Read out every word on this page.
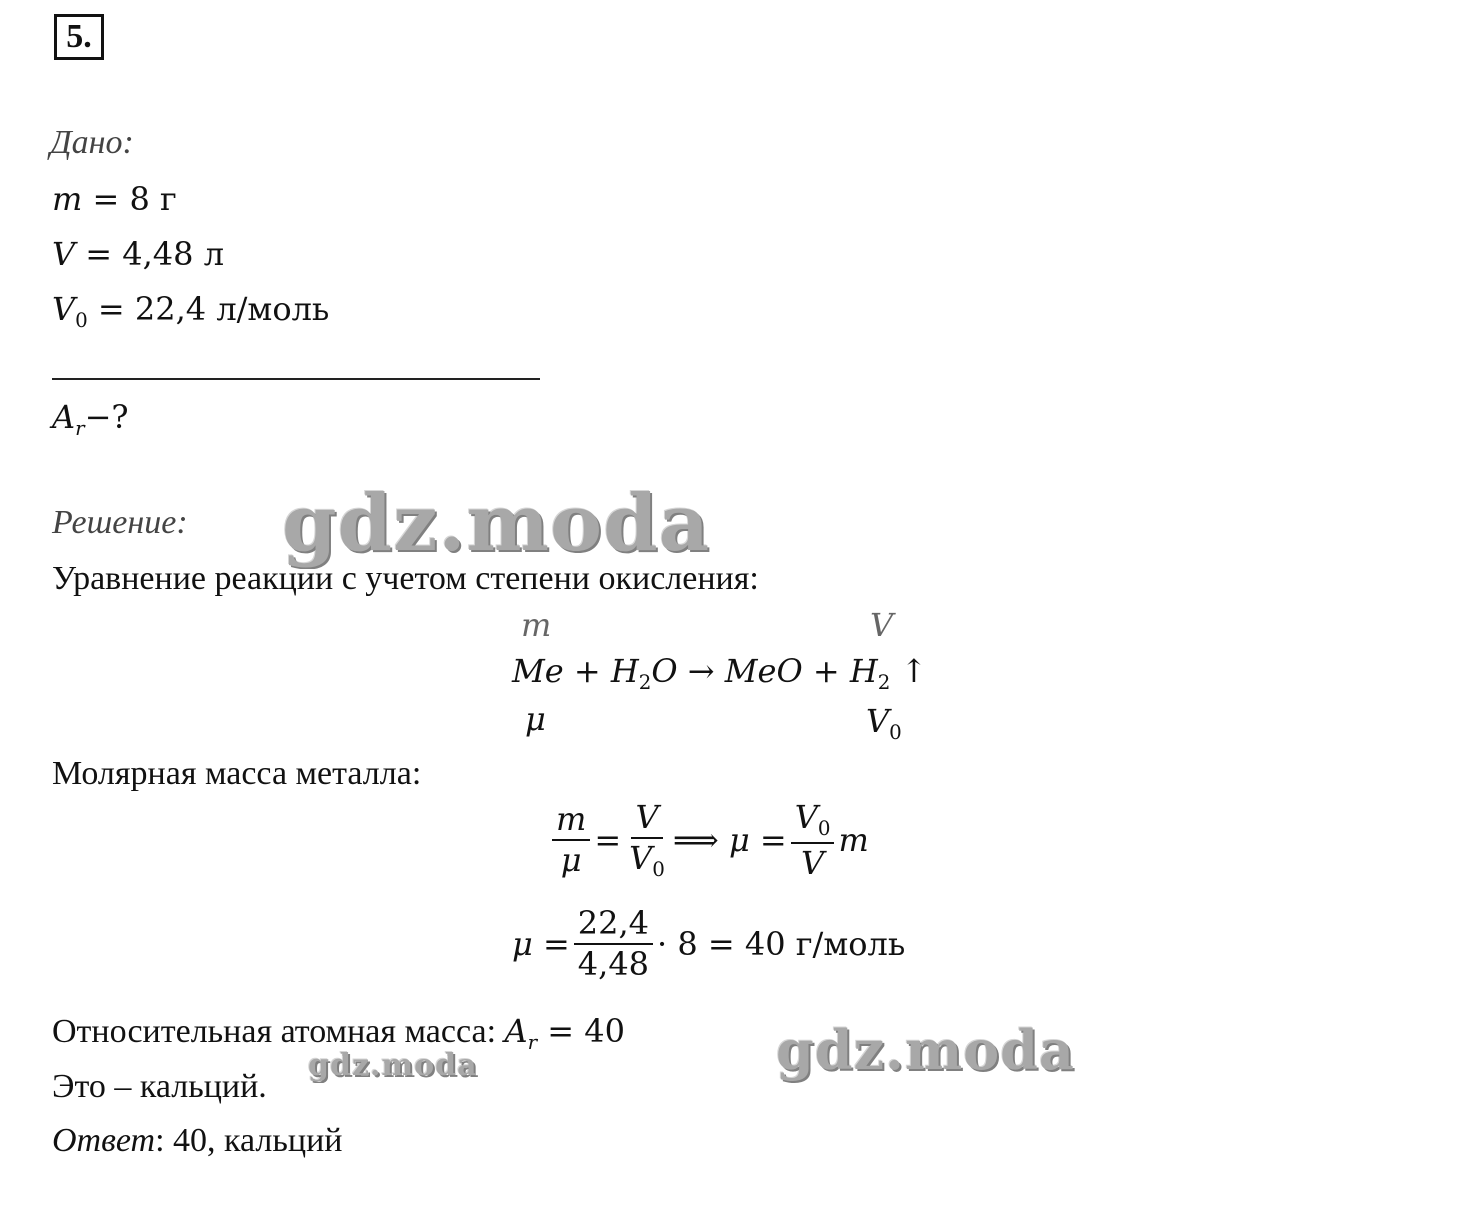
5.
Дано:
m = 8 г
V = 4,48 л
$V_0 = 22,4$ л/моль
$A_r-$?
Решение:
Уравнение реакции с учетом степени окисления:
m	V
$Me + H_2O$ → MeO + $H_2$ ↑
μ	$V_0$
Молярная масса металла:
$\frac{m}{\mu} = \frac{V}{V_0}$ ⟹ $\mu = \frac{V_0}{V}$ m
$\mu = \frac{22,4}{4,48} \cdot 8 = 40$ г/моль
Относительная атомная масса: $A_r = 40$
Это – кальций.
Ответ: 40, кальций
gdz.moda
gdz.moda
gdz.moda
